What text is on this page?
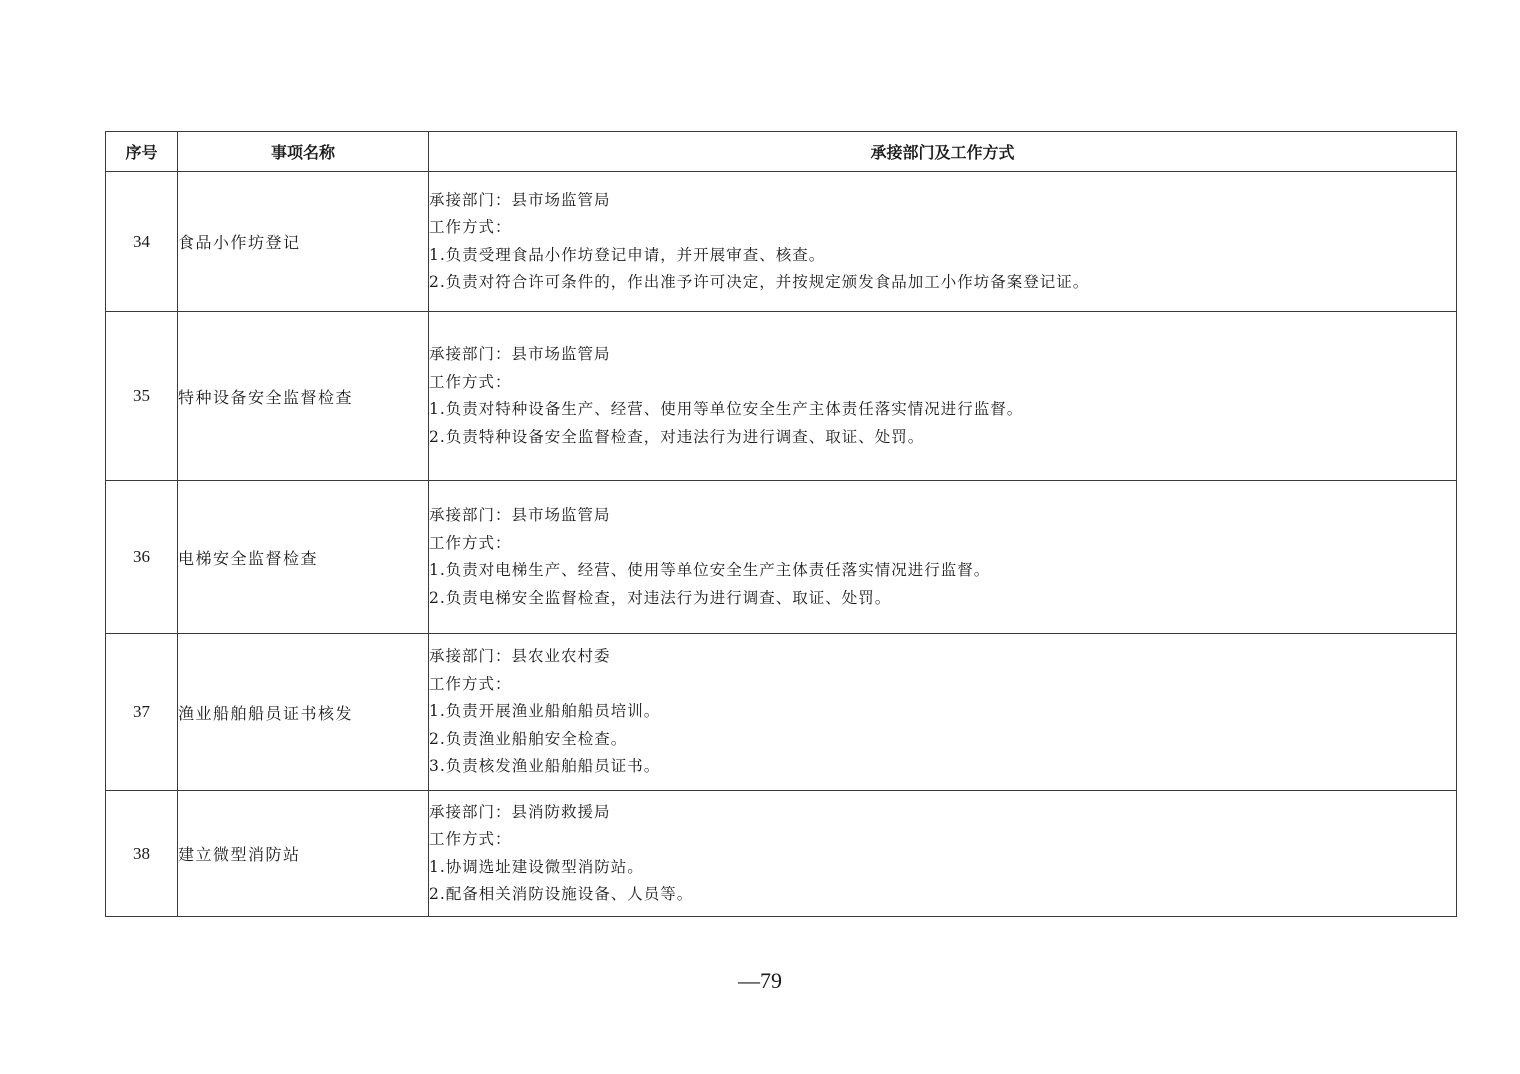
序号	事项名称	承接部门及工作方式
34	食品小作坊登记	承接部门：县市场监管局
工作方式：
1.负责受理食品小作坊登记申请，并开展审查、核查。
2.负责对符合许可条件的，作出准予许可决定，并按规定颁发食品加工小作坊备案登记证。

35	特种设备安全监督检查	承接部门：县市场监管局
工作方式：
1.负责对特种设备生产、经营、使用等单位安全生产主体责任落实情况进行监督。
2.负责特种设备安全监督检查，对违法行为进行调查、取证、处罚。

36	电梯安全监督检查	承接部门：县市场监管局
工作方式：
1.负责对电梯生产、经营、使用等单位安全生产主体责任落实情况进行监督。
2.负责电梯安全监督检查，对违法行为进行调查、取证、处罚。

37	渔业船舶船员证书核发	承接部门：县农业农村委
工作方式：
1.负责开展渔业船舶船员培训。
2.负责渔业船舶安全检查。
3.负责核发渔业船舶船员证书。

38	建立微型消防站	承接部门：县消防救援局
工作方式：
1.协调选址建设微型消防站。
2.配备相关消防设施设备、人员等。
—79
